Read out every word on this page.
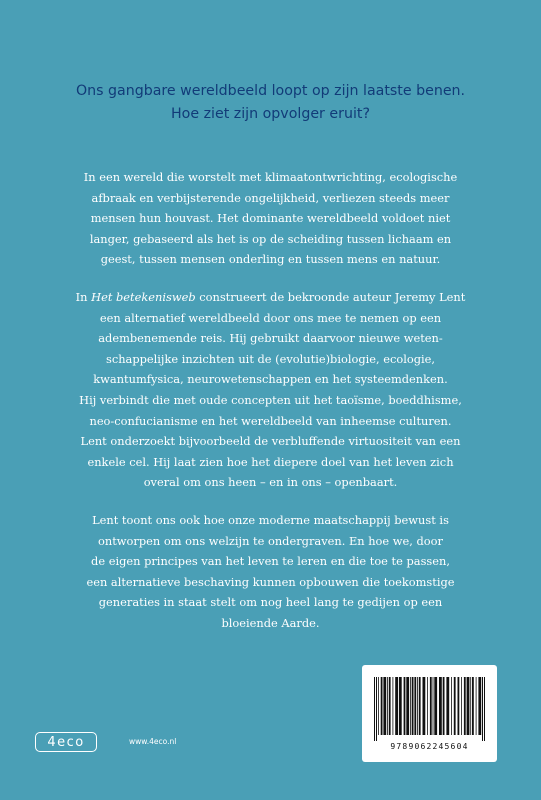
Ons gangbare wereldbeeld loopt op zijn laatste benen.
Hoe ziet zijn opvolger eruit?
In een wereld die worstelt met klimaatontwrichting, ecologische
afbraak en verbijsterende ongelijkheid, verliezen steeds meer
mensen hun houvast. Het dominante wereldbeeld voldoet niet
langer, gebaseerd als het is op de scheiding tussen lichaam en
geest, tussen mensen onderling en tussen mens en natuur.
In Het betekenisweb construeert de bekroonde auteur Jeremy Lent
een alternatief wereldbeeld door ons mee te nemen op een
adembenemende reis. Hij gebruikt daarvoor nieuwe weten-
schappelijke inzichten uit de (evolutie)biologie, ecologie,
kwantumfysica, neurowetenschappen en het systeemdenken.
Hij verbindt die met oude concepten uit het taoïsme, boeddhisme,
neo-confucianisme en het wereldbeeld van inheemse culturen.
Lent onderzoekt bijvoorbeeld de verbluffende virtuositeit van een
enkele cel. Hij laat zien hoe het diepere doel van het leven zich
overal om ons heen – en in ons – openbaart.
Lent toont ons ook hoe onze moderne maatschappij bewust is
ontworpen om ons welzijn te ondergraven. En hoe we, door
de eigen principes van het leven te leren en die toe te passen,
een alternatieve beschaving kunnen opbouwen die toekomstige
generaties in staat stelt om nog heel lang te gedijen op een
bloeiende Aarde.
4eco	www.4eco.nl
9789062245604
